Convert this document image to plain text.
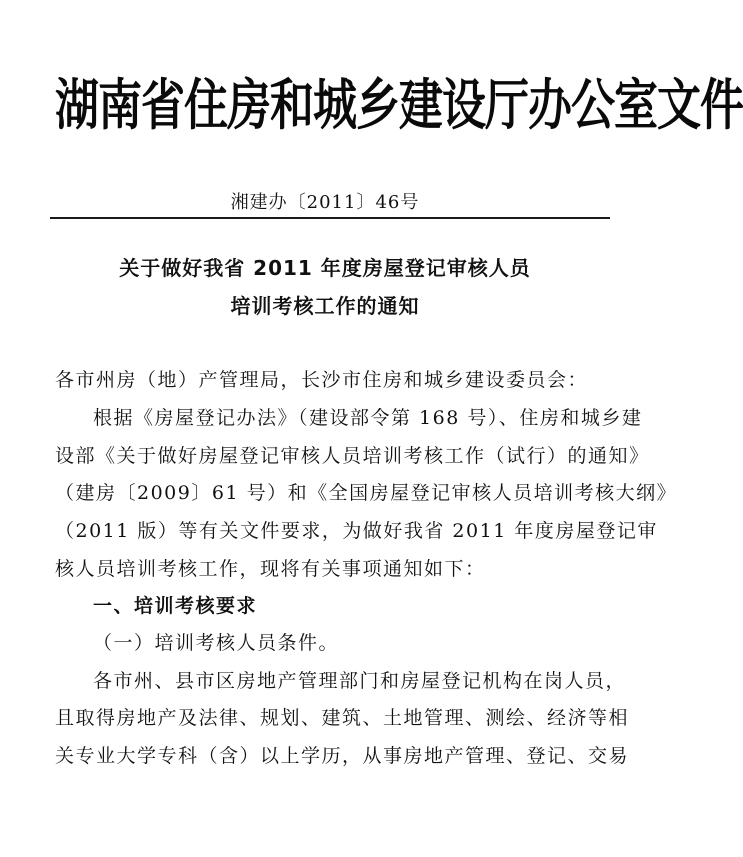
湖南省住房和城乡建设厅办公室文件
湘建办〔2011〕46号
关于做好我省 2011 年度房屋登记审核人员
培训考核工作的通知
各市州房（地）产管理局，长沙市住房和城乡建设委员会：
根据《房屋登记办法》（建设部令第 168 号）、住房和城乡建
设部《关于做好房屋登记审核人员培训考核工作（试行）的通知》
（建房〔2009〕61 号）和《全国房屋登记审核人员培训考核大纲》
（2011 版）等有关文件要求，为做好我省 2011 年度房屋登记审
核人员培训考核工作，现将有关事项通知如下：
一、培训考核要求
（一）培训考核人员条件。
各市州、县市区房地产管理部门和房屋登记机构在岗人员，
且取得房地产及法律、规划、建筑、土地管理、测绘、经济等相
关专业大学专科（含）以上学历，从事房地产管理、登记、交易
